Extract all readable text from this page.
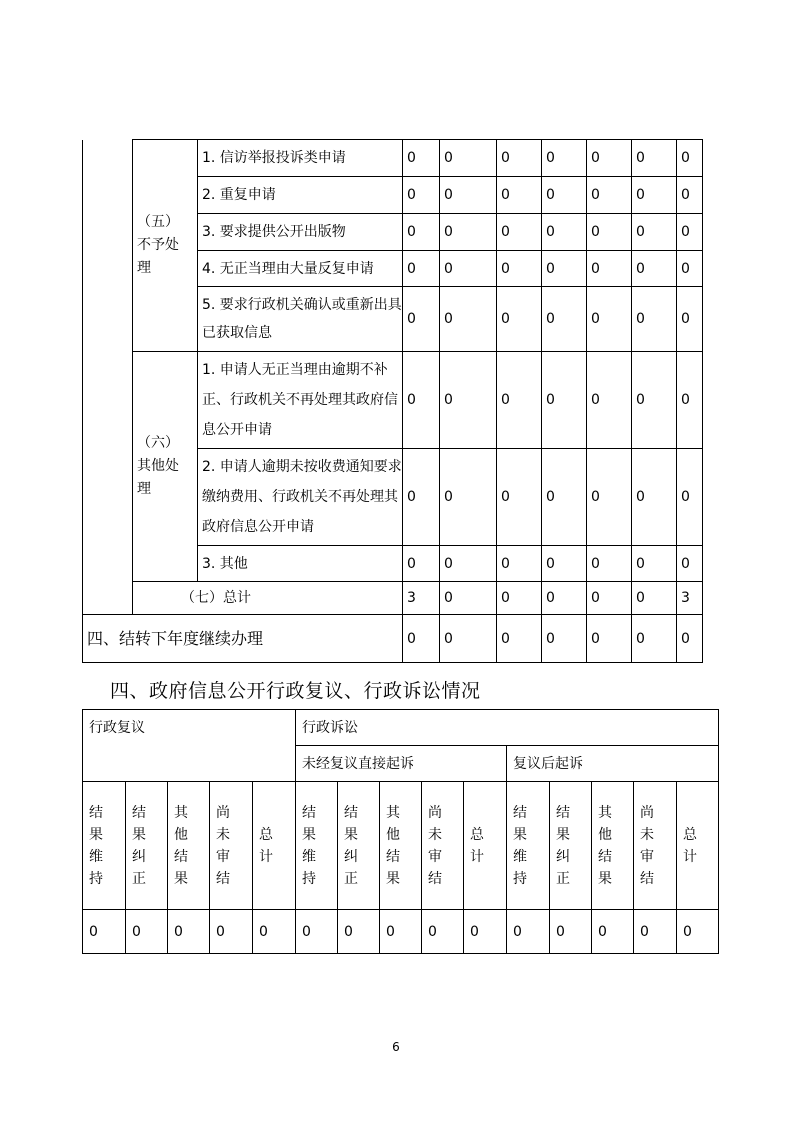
	（五）
不予处
理	1. 信访举报投诉类申请	0	0	0	0	0	0	0
		2. 重复申请	0	0	0	0	0	0	0
		3. 要求提供公开出版物	0	0	0	0	0	0	0
		4. 无正当理由大量反复申请	0	0	0	0	0	0	0
		5. 要求行政机关确认或重新出具已获取信息	0	0	0	0	0	0	0

	（六）
其他处
理	1. 申请人无正当理由逾期不补正、行政机关不再处理其政府信息公开申请	0	0	0	0	0	0	0
		2. 申请人逾期未按收费通知要求缴纳费用、行政机关不再处理其政府信息公开申请	0	0	0	0	0	0	0
		3. 其他	0	0	0	0	0	0	0
	（七）总计		3	0	0	0	0	0	3
四、结转下年度继续办理			0	0	0	0	0	0	0
四、政府信息公开行政复议、行政诉讼情况
行政复议					行政诉讼									
					未经复议直接起诉					复议后起诉				

结
果
维
持	结
果
纠
正	其
他
结
果	尚
未
审
结	总
计	结
果
维
持	结
果
纠
正	其
他
结
果	尚
未
审
结	总
计	结
果
维
持	结
果
纠
正	其
他
结
果	尚
未
审
结	总
计

0	0	0	0	0	0	0	0	0	0	0	0	0	0	0
6
